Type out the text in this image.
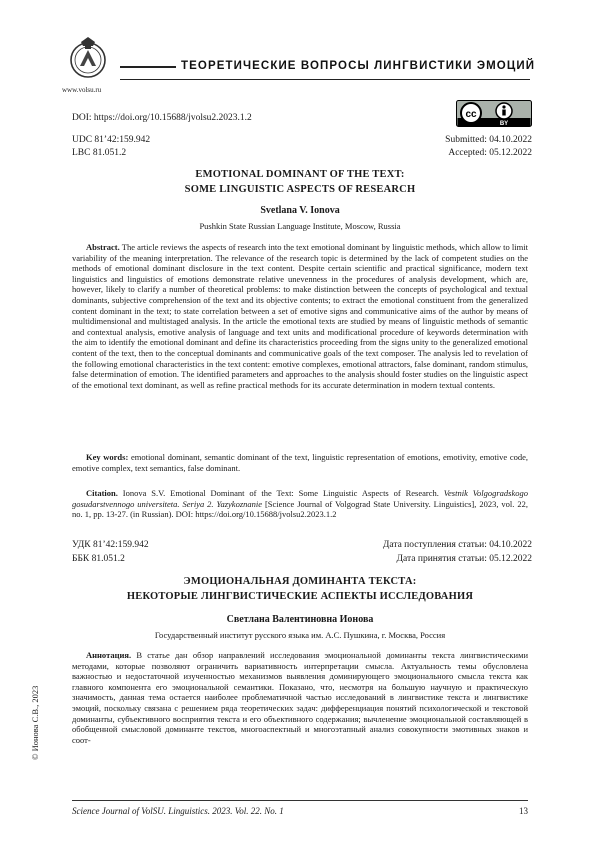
www.volsu.ru
ТЕОРЕТИЧЕСКИЕ ВОПРОСЫ ЛИНГВИСТИКИ ЭМОЦИЙ
DOI: https://doi.org/10.15688/jvolsu2.2023.1.2	cc
BY
UDC 81’42:159.942
LBC 81.051.2
Submitted: 04.10.2022
Accepted: 05.12.2022
EMOTIONAL DOMINANT OF THE TEXT:
SOME LINGUISTIC ASPECTS OF RESEARCH
Svetlana V. Ionova
Pushkin State Russian Language Institute, Moscow, Russia
Abstract. The article reviews the aspects of research into the text emotional dominant by linguistic methods, which allow to limit variability of the meaning interpretation. The relevance of the research topic is determined by the lack of competent studies on the methods of emotional dominant disclosure in the text content. Despite certain scientific and practical significance, modern text linguistics and linguistics of emotions demonstrate relative unevenness in the procedures of analysis development, which are, however, likely to clarify a number of theoretical problems: to make distinction between the concepts of psychological and textual dominants, subjective comprehension of the text and its objective contents; to extract the emotional constituent from the generalized content dominant in the text; to state correlation between a set of emotive signs and communicative aims of the author by means of multidimensional and multistaged analysis. In the article the emotional texts are studied by means of linguistic methods of semantic and contextual analysis, emotive analysis of language and text units and modificational procedure of keywords determination with the aim to identify the emotional dominant and define its characteristics proceeding from the signs unity to the generalized emotional content of the text, then to the conceptual dominants and communicative goals of the text composer. The analysis led to revelation of the following emotional characteristics in the text content: emotive complexes, emotional attractors, false dominant, random stimulus, false determination of emotion. The identified parameters and approaches to the analysis should foster studies on the linguistic aspect of the emotional text dominant, as well as refine practical methods for its accurate determination in modern textual contents.
Key words: emotional dominant, semantic dominant of the text, linguistic representation of emotions, emotivity, emotive code, emotive complex, text semantics, false dominant.
Citation. Ionova S.V. Emotional Dominant of the Text: Some Linguistic Aspects of Research. Vestnik Volgogradskogo gosudarstvennogo universiteta. Seriya 2. Yazykoznanie [Science Journal of Volgograd State University. Linguistics], 2023, vol. 22, no. 1, pp. 13-27. (in Russian). DOI: https://doi.org/10.15688/jvolsu2.2023.1.2
УДК 81’42:159.942
ББК 81.051.2
Дата поступления статьи: 04.10.2022
Дата принятия статьи: 05.12.2022
ЭМОЦИОНАЛЬНАЯ ДОМИНАНТА ТЕКСТА:
НЕКОТОРЫЕ ЛИНГВИСТИЧЕСКИЕ АСПЕКТЫ ИССЛЕДОВАНИЯ
Светлана Валентиновна Ионова
Государственный институт русского языка им. А.С. Пушкина, г. Москва, Россия
Аннотация. В статье дан обзор направлений исследования эмоциональной доминанты текста лингвистическими методами, которые позволяют ограничить вариативность интерпретации смысла. Актуальность темы обусловлена важностью и недостаточной изученностью механизмов выявления доминирующего эмоционального смысла текста как главного компонента его эмоциональной семантики. Показано, что, несмотря на большую научную и практическую значимость, данная тема остается наиболее проблематичной частью исследований в лингвистике текста и лингвистике эмоций, поскольку связана с решением ряда теоретических задач: дифференциация понятий психологической и текстовой доминанты, субъективного восприятия текста и его объективного содержания; вычленение эмоциональной составляющей в обобщенной смысловой доминанте текстов, многоаспектный и многоэтапный анализ совокупности эмотивных знаков и соот-
© Ионова С.В., 2023
Science Journal of VolSU. Linguistics. 2023. Vol. 22. No. 1	13
